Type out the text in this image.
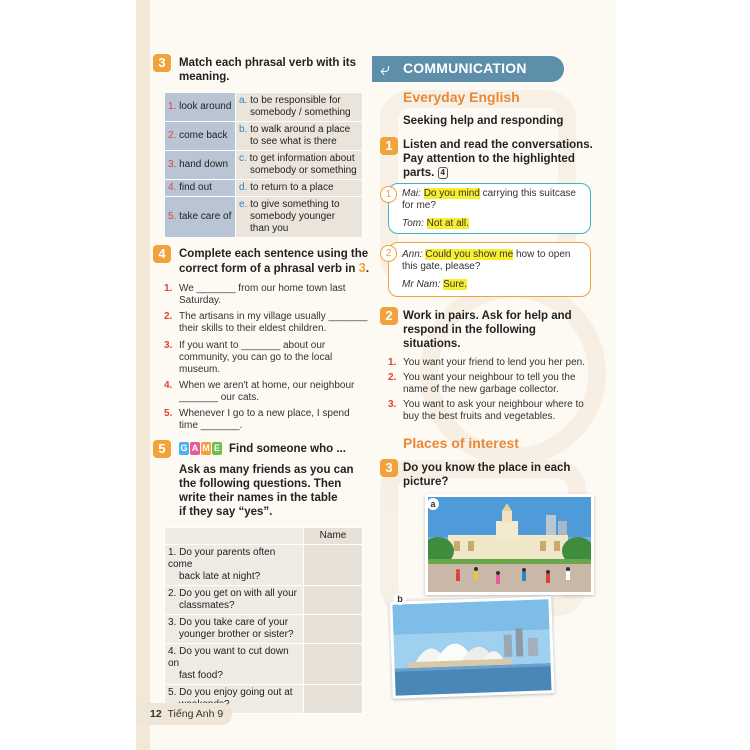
3	Match each phrasal verb with its
meaning.
1. look around	a. to be responsible for
somebody / something
2. come back	b. to walk around a place
to see what is there
3. hand down	c. to get information about
somebody or something
4. find out	d. to return to a place
5. take care of	e. to give something to
somebody younger
than you
4	Complete each sentence using the
correct form of a phrasal verb in 3.
1. We _______ from our home town last
Saturday.
2. The artisans in my village usually _______
their skills to their eldest children.
3. If you want to _______ about our
community, you can go to the local
museum.
4. When we aren't at home, our neighbour
_______ our cats.
5. Whenever I go to a new place, I spend
time _______.
5	G A M E Find someone who ...
Ask as many friends as you can
the following questions. Then
write their names in the table
if they say “yes”.
	Name
1. Do your parents often come
back late at night?	
2. Do you get on with all your
classmates?	
3. Do you take care of your
younger brother or sister?	
4. Do you want to cut down on
fast food?	
5. Do you enjoy going out at

⤶ COMMUNICATION
Everyday English
Seeking help and responding
1 Listen and read the conversations.
Pay attention to the highlighted
parts. 4
1	Mai: Do you mind carrying this suitcase
for me?
Tom: Not at all.
2	Ann: Could you show me how to open
this gate, please?
Mr Nam: Sure.
2 Work in pairs. Ask for help and
respond in the following
situations.
1. You want your friend to lend you her pen.
2. You want your neighbour to tell you the
name of the new garbage collector.
3. You want to ask your neighbour where to
buy the best fruits and vegetables.
Places of interest
3 Do you know the place in each
picture?
a
b
12 Tiếng Anh 9
